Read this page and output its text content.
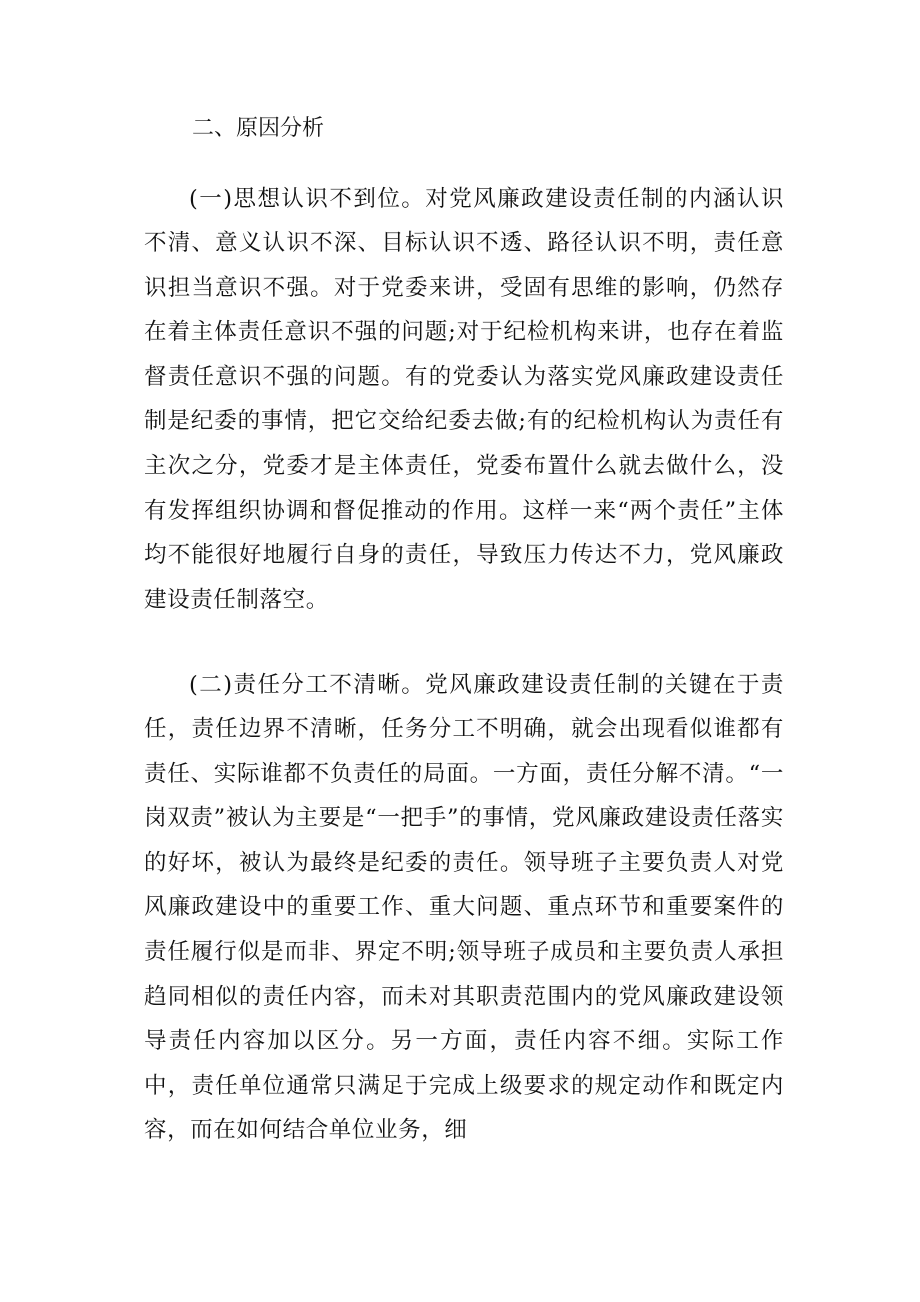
二、原因分析

(一)思想认识不到位。对党风廉政建设责任制的内涵认识不清、意义认识不深、目标认识不透、路径认识不明，责任意识担当意识不强。对于党委来讲，受固有思维的影响，仍然存在着主体责任意识不强的问题;对于纪检机构来讲，也存在着监督责任意识不强的问题。有的党委认为落实党风廉政建设责任制是纪委的事情，把它交给纪委去做;有的纪检机构认为责任有主次之分，党委才是主体责任，党委布置什么就去做什么，没有发挥组织协调和督促推动的作用。这样一来“两个责任”主体均不能很好地履行自身的责任，导致压力传达不力，党风廉政建设责任制落空。

(二)责任分工不清晰。党风廉政建设责任制的关键在于责任，责任边界不清晰，任务分工不明确，就会出现看似谁都有责任、实际谁都不负责任的局面。一方面，责任分解不清。“一岗双责”被认为主要是“一把手”的事情，党风廉政建设责任落实的好坏，被认为最终是纪委的责任。领导班子主要负责人对党风廉政建设中的重要工作、重大问题、重点环节和重要案件的责任履行似是而非、界定不明;领导班子成员和主要负责人承担趋同相似的责任内容，而未对其职责范围内的党风廉政建设领导责任内容加以区分。另一方面，责任内容不细。实际工作中，责任单位通常只满足于完成上级要求的规定动作和既定内容，而在如何结合单位业务，细
